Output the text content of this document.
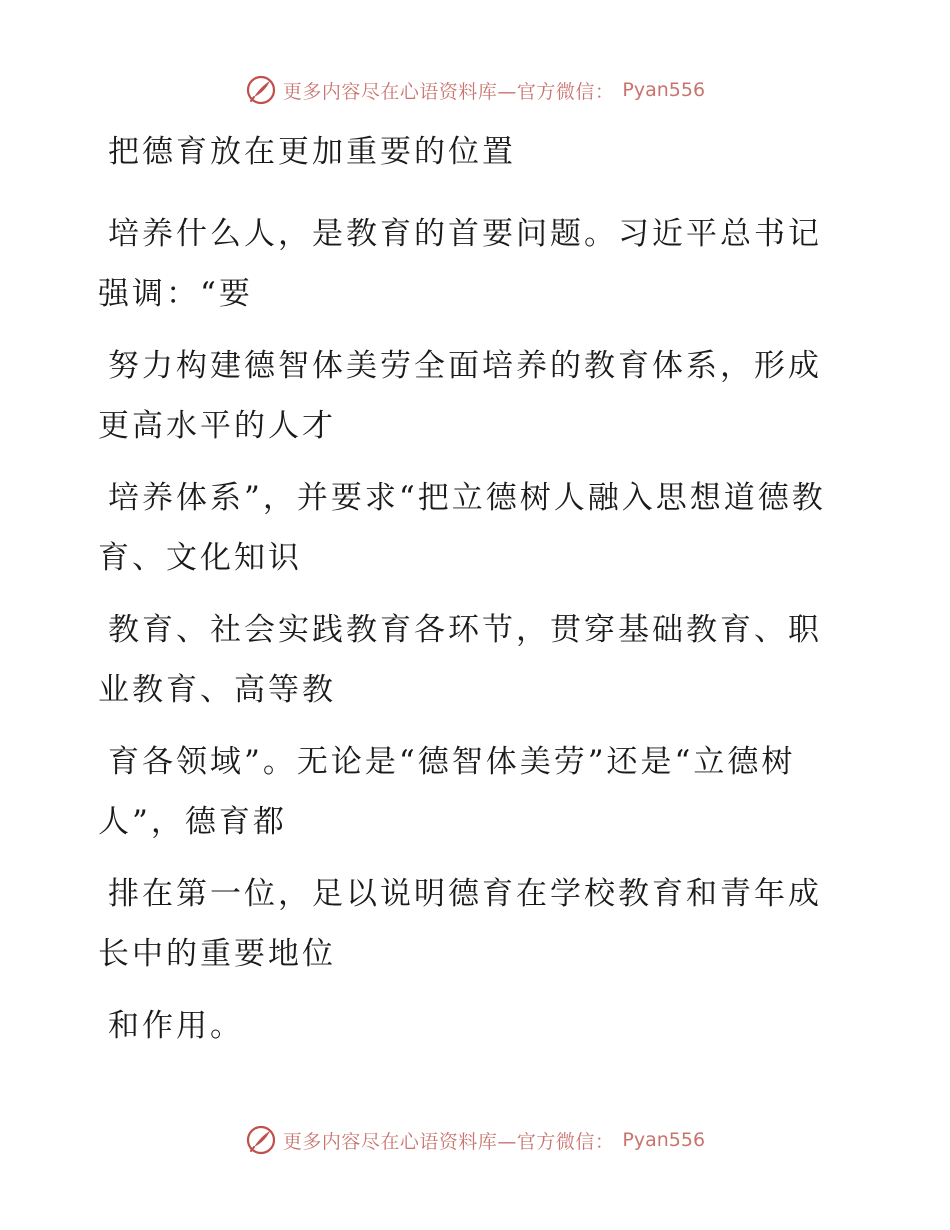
更多内容尽在心语资料库—官方微信： Pyan556

把德育放在更加重要的位置

培养什么人，是教育的首要问题。习近平总书记强调：“要

努力构建德智体美劳全面培养的教育体系，形成更高水平的人才

培养体系”，并要求“把立德树人融入思想道德教育、文化知识

教育、社会实践教育各环节，贯穿基础教育、职业教育、高等教

育各领域”。无论是“德智体美劳”还是“立德树人”，德育都

排在第一位，足以说明德育在学校教育和青年成长中的重要地位

和作用。

更多内容尽在心语资料库—官方微信： Pyan556
